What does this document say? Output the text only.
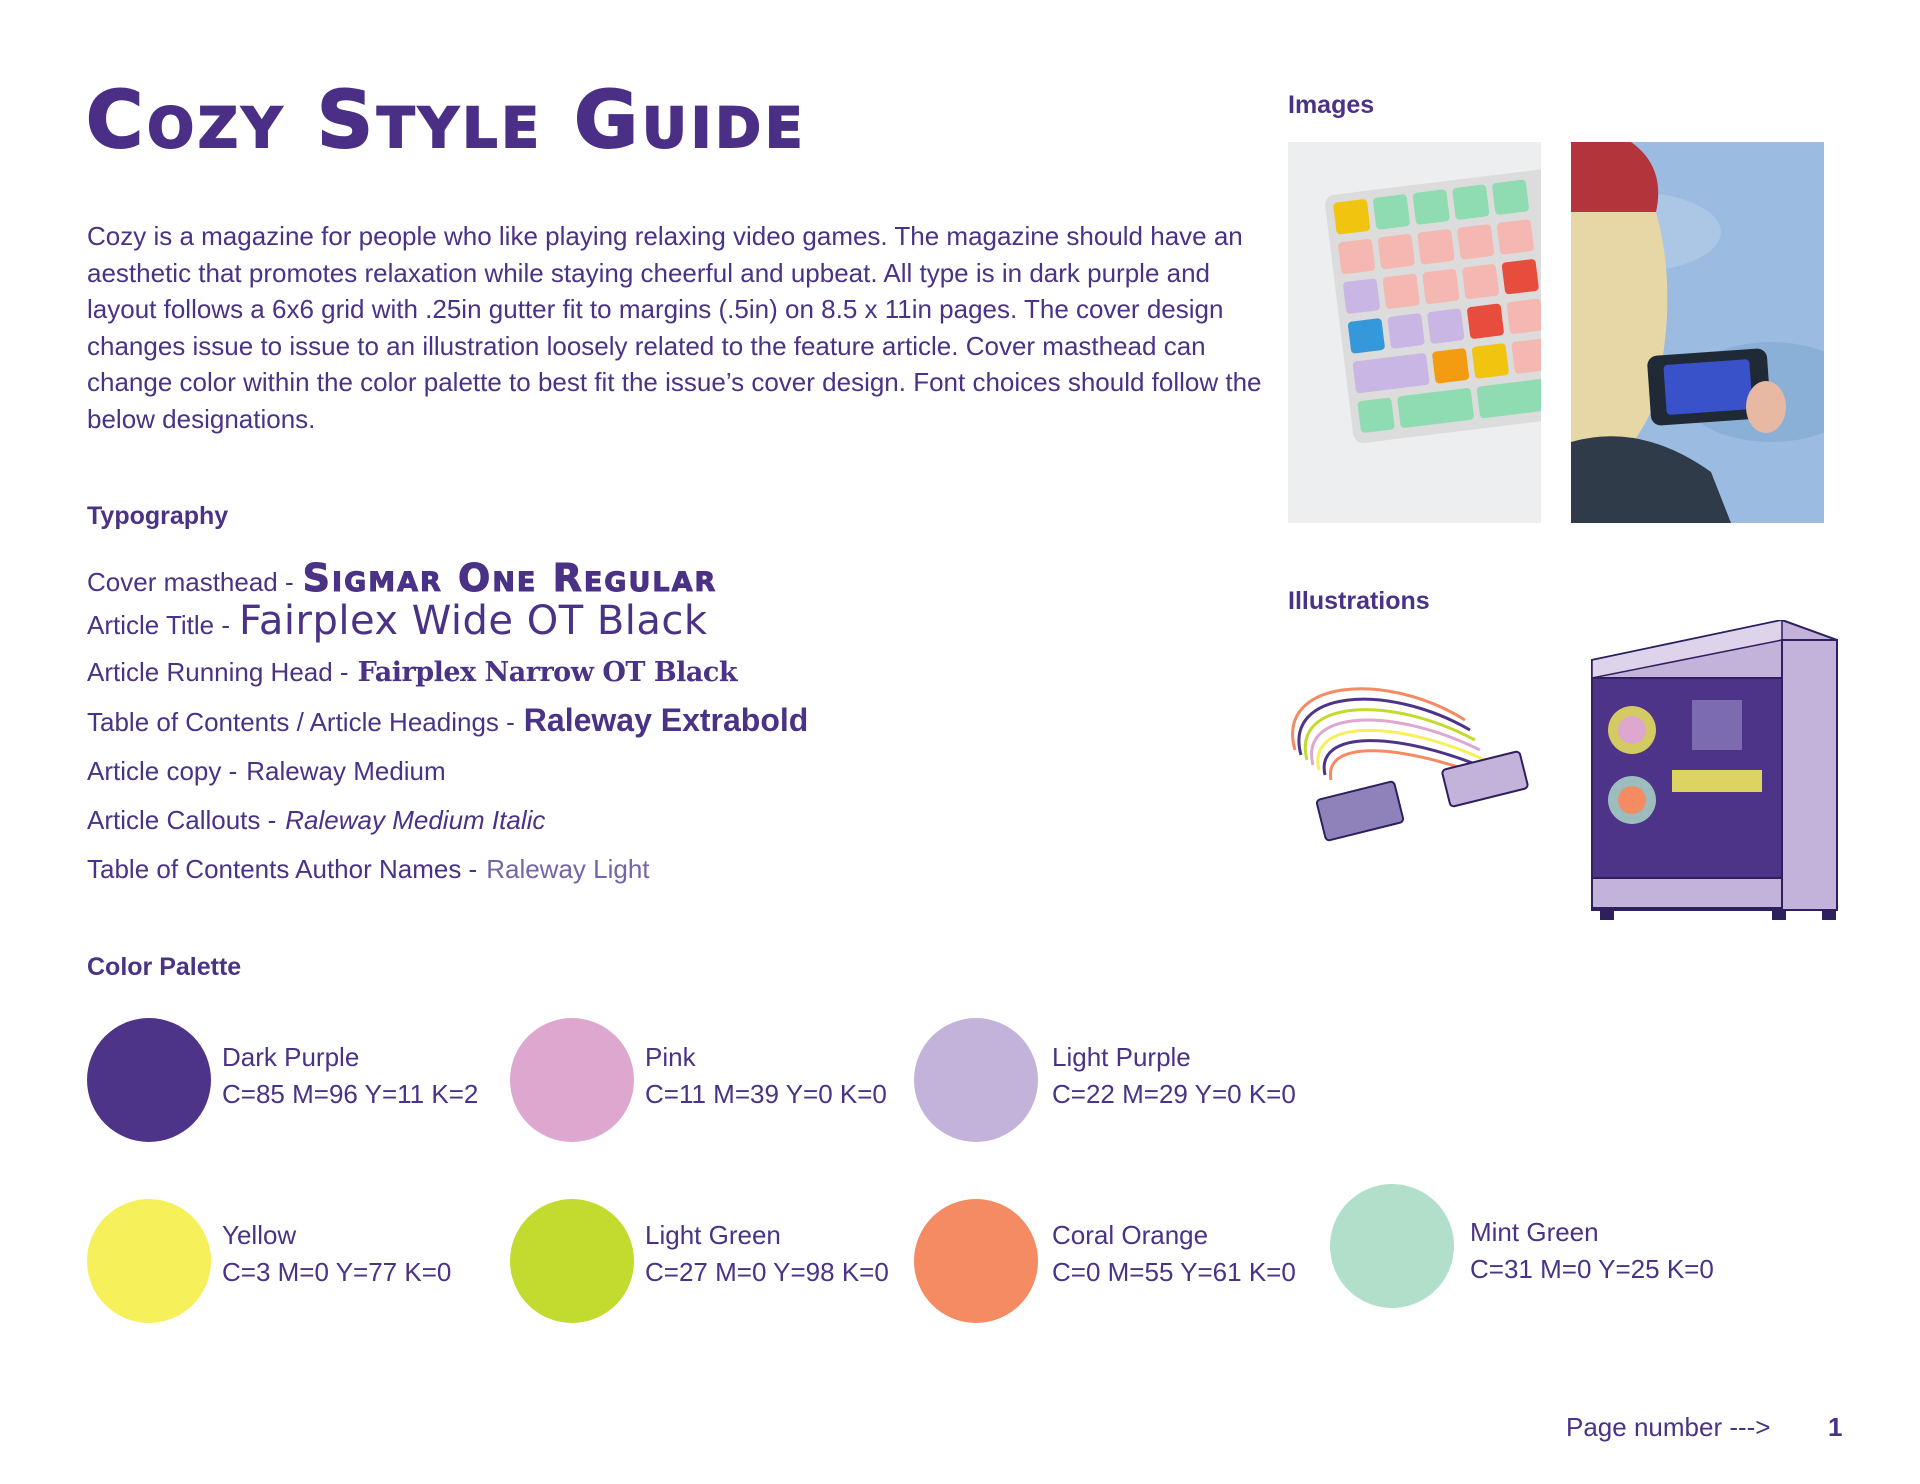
Cozy Style Guide

Cozy is a magazine for people who like playing relaxing video games. The magazine should have an aesthetic that promotes relaxation while staying cheerful and upbeat. All type is in dark purple and layout follows a 6x6 grid with .25in gutter fit to margins (.5in) on 8.5 x 11in pages. The cover design changes issue to issue to an illustration loosely related to the feature article. Cover masthead can change color within the color palette to best fit the issue’s cover design. Font choices should follow the below designations.

Typography
Cover masthead - Sigmar One Regular
Article Title - Fairplex Wide OT Black
Article Running Head - Fairplex Narrow OT Black
Table of Contents / Article Headings - Raleway Extrabold
Article copy - Raleway Medium
Article Callouts - Raleway Medium Italic
Table of Contents Author Names - Raleway Light
Color Palette
Dark Purple
C=85 M=96 Y=11 K=2
Pink
C=11 M=39 Y=0 K=0
Light Purple
C=22 M=29 Y=0 K=0
Yellow
C=3 M=0 Y=77 K=0
Light Green
C=27 M=0 Y=98 K=0
Coral Orange
C=0 M=55 Y=61 K=0
Mint Green
C=31 M=0 Y=25 K=0
Images
Illustrations
Page number ---> 1
